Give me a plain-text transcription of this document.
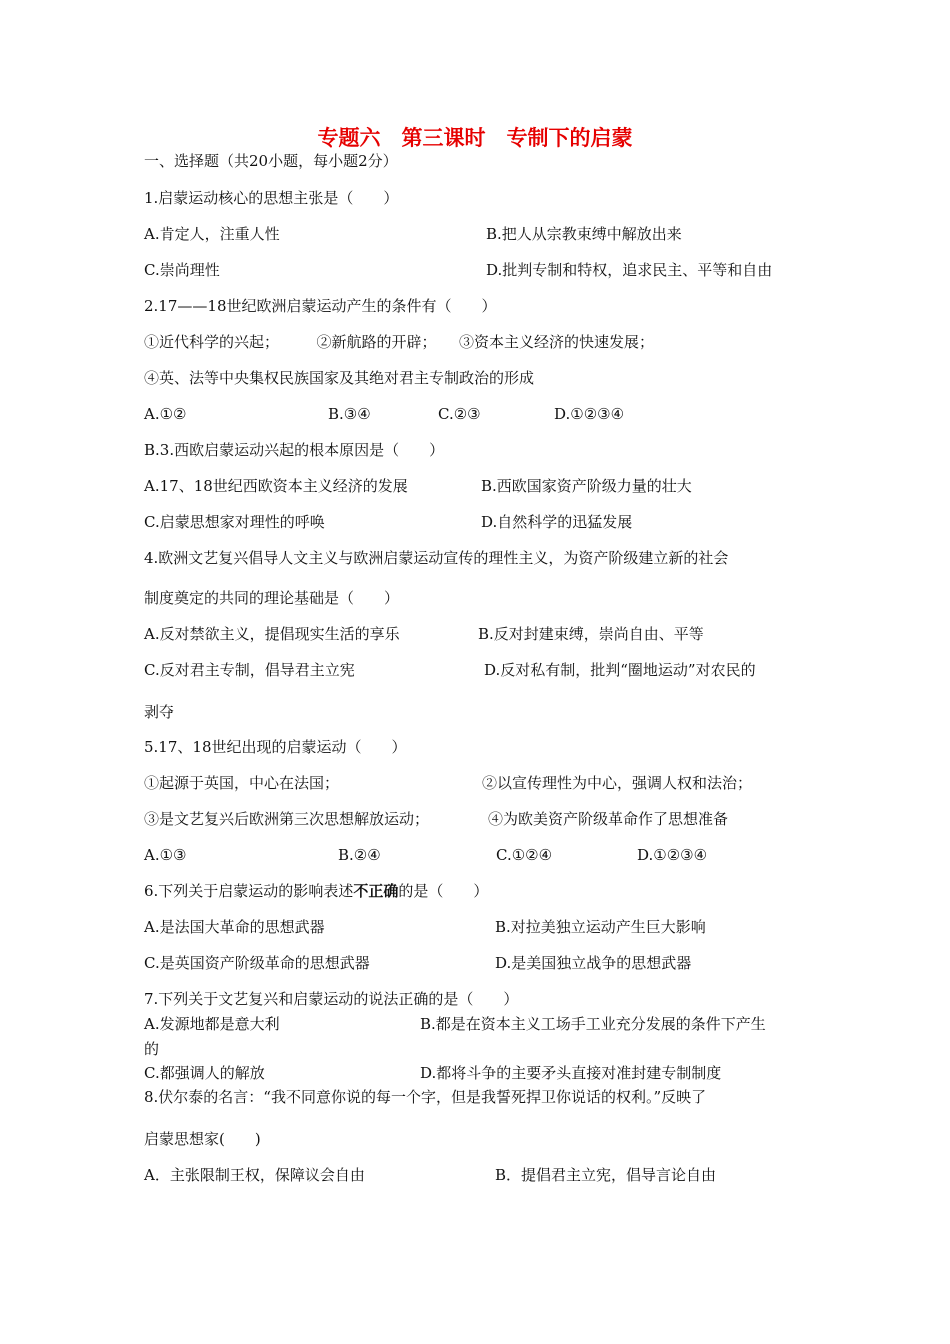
专题六　第三课时　专制下的启蒙
一、选择题（共20小题，每小题2分）
1.启蒙运动核心的思想主张是（　　）
A.肯定人，注重人性	B.把人从宗教束缚中解放出来
C.崇尚理性	D.批判专制和特权，追求民主、平等和自由
2.17——18世纪欧洲启蒙运动产生的条件有（　　）
①近代科学的兴起；　　　②新航路的开辟；　　③资本主义经济的快速发展；
④英、法等中央集权民族国家及其绝对君主专制政治的形成
A.①②	B.③④	C.②③	D.①②③④
B.3.西欧启蒙运动兴起的根本原因是（　　）
A.17、18世纪西欧资本主义经济的发展	B.西欧国家资产阶级力量的壮大
C.启蒙思想家对理性的呼唤	D.自然科学的迅猛发展
4.欧洲文艺复兴倡导人文主义与欧洲启蒙运动宣传的理性主义，为资产阶级建立新的社会
制度奠定的共同的理论基础是（　　）
A.反对禁欲主义，提倡现实生活的享乐	B.反对封建束缚，崇尚自由、平等
C.反对君主专制，倡导君主立宪	D.反对私有制，批判“圈地运动”对农民的
剥夺
5.17、18世纪出现的启蒙运动（　　）
①起源于英国，中心在法国；	②以宣传理性为中心，强调人权和法治；
③是文艺复兴后欧洲第三次思想解放运动；	④为欧美资产阶级革命作了思想准备
A.①③	B.②④	C.①②④	D.①②③④
6.下列关于启蒙运动的影响表述不正确的是（　　）
A.是法国大革命的思想武器	B.对拉美独立运动产生巨大影响
C.是英国资产阶级革命的思想武器	D.是美国独立战争的思想武器
7.下列关于文艺复兴和启蒙运动的说法正确的是（　　）
A.发源地都是意大利	B.都是在资本主义工场手工业充分发展的条件下产生
的
C.都强调人的解放	D.都将斗争的主要矛头直接对准封建专制制度
8.伏尔泰的名言：“我不同意你说的每一个字，但是我誓死捍卫你说话的权利。”反映了
启蒙思想家(　　)
A．主张限制王权，保障议会自由	B．提倡君主立宪，倡导言论自由
